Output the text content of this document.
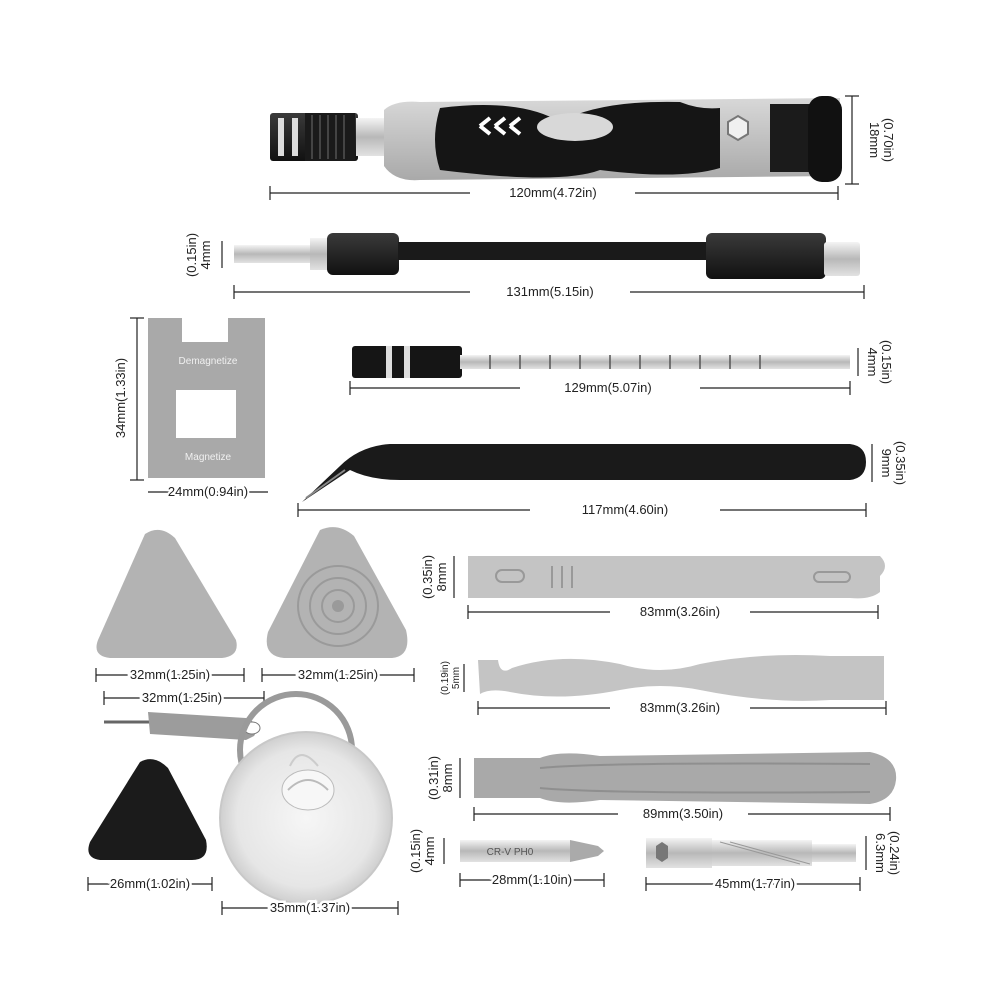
120mm(4.72in)
18mm (0.70in)
131mm(5.15in)
(0.15in) 4mm
Demagnetize
Magnetize
34mm(1.33in)
24mm(0.94in)
129mm(5.07in)
4mm (0.15in)
117mm(4.60in)
9mm (0.35in)
32mm(1.25in)	32mm(1.25in)
83mm(3.26in)
(0.35in) 8mm
83mm(3.26in)
(0.19in) 5mm
32mm(1.25in)
35mm(1.37in)
26mm(1.02in)
89mm(3.50in)
(0.31in) 8mm
CR-V PH0
28mm(1.10in)
(0.15in) 4mm
45mm(1.77in)
6.3mm (0.24in)
